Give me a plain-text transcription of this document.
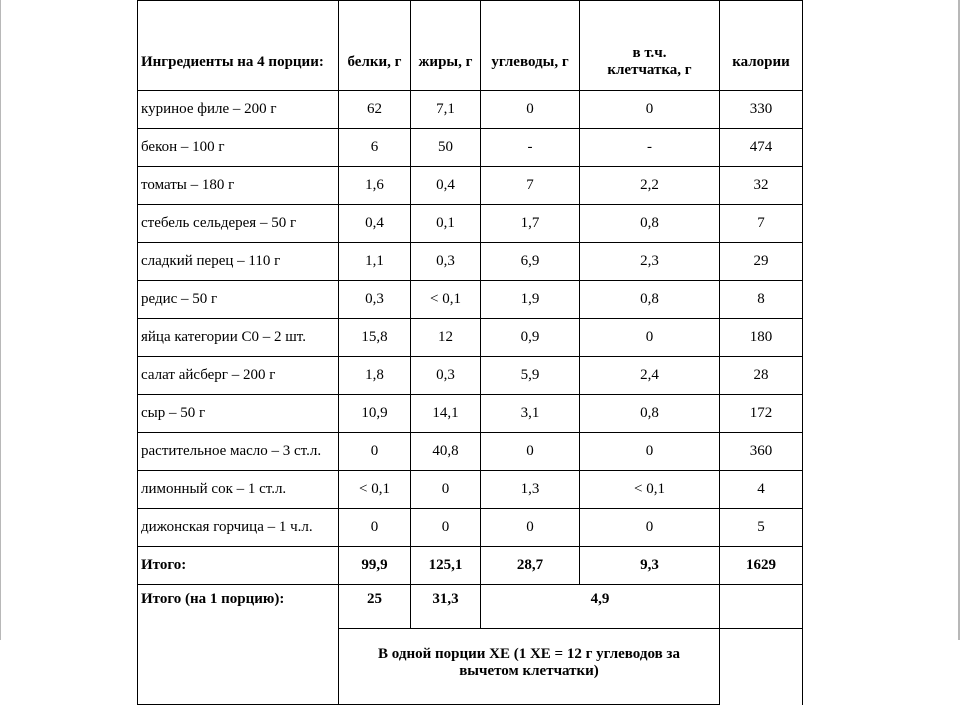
Ингредиенты на 4 порции:	белки, г	жиры, г	углеводы, г	в т.ч.
клетчатка, г	калории
куриное филе – 200 г	62	7,1	0	0	330
бекон – 100 г	6	50	-	-	474
томаты – 180 г	1,6	0,4	7	2,2	32
стебель сельдерея – 50 г	0,4	0,1	1,7	0,8	7
сладкий перец – 110 г	1,1	0,3	6,9	2,3	29
редис – 50 г	0,3	< 0,1	1,9	0,8	8
яйца категории С0 – 2 шт.	15,8	12	0,9	0	180
салат айсберг – 200 г	1,8	0,3	5,9	2,4	28
сыр – 50 г	10,9	14,1	3,1	0,8	172
растительное масло – 3 ст.л.	0	40,8	0	0	360
лимонный сок – 1 ст.л.	< 0,1	0	1,3	< 0,1	4
дижонская горчица – 1 ч.л.	0	0	0	0	5
Итого:	99,9	125,1	28,7	9,3	1629
Итого (на 1 порцию):	25	31,3	4,9		
	В одной порции ХЕ (1 ХЕ = 12 г углеводов за вычетом клетчатки)				
